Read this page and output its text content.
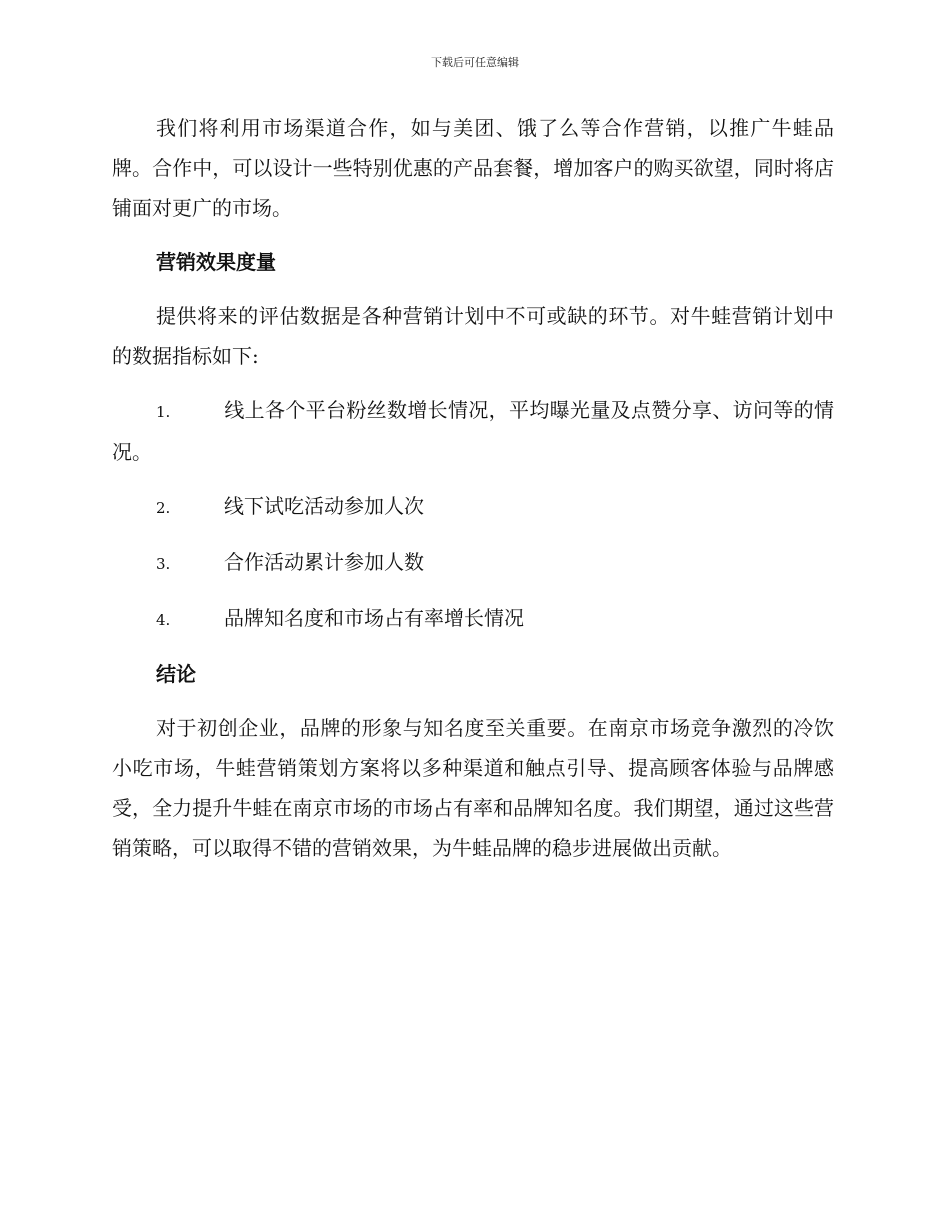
下载后可任意编辑

我们将利用市场渠道合作，如与美团、饿了么等合作营销，以推广牛蛙品牌。合作中，可以设计一些特别优惠的产品套餐，增加客户的购买欲望，同时将店铺面对更广的市场。

营销效果度量

提供将来的评估数据是各种营销计划中不可或缺的环节。对牛蛙营销计划中的数据指标如下:

1.	线上各个平台粉丝数增长情况，平均曝光量及点赞分享、访问等的情况。
2.	线下试吃活动参加人次
3.	合作活动累计参加人数
4.	品牌知名度和市场占有率增长情况
结论

对于初创企业，品牌的形象与知名度至关重要。在南京市场竞争激烈的冷饮小吃市场，牛蛙营销策划方案将以多种渠道和触点引导、提高顾客体验与品牌感受，全力提升牛蛙在南京市场的市场占有率和品牌知名度。我们期望，通过这些营销策略，可以取得不错的营销效果，为牛蛙品牌的稳步进展做出贡献。
